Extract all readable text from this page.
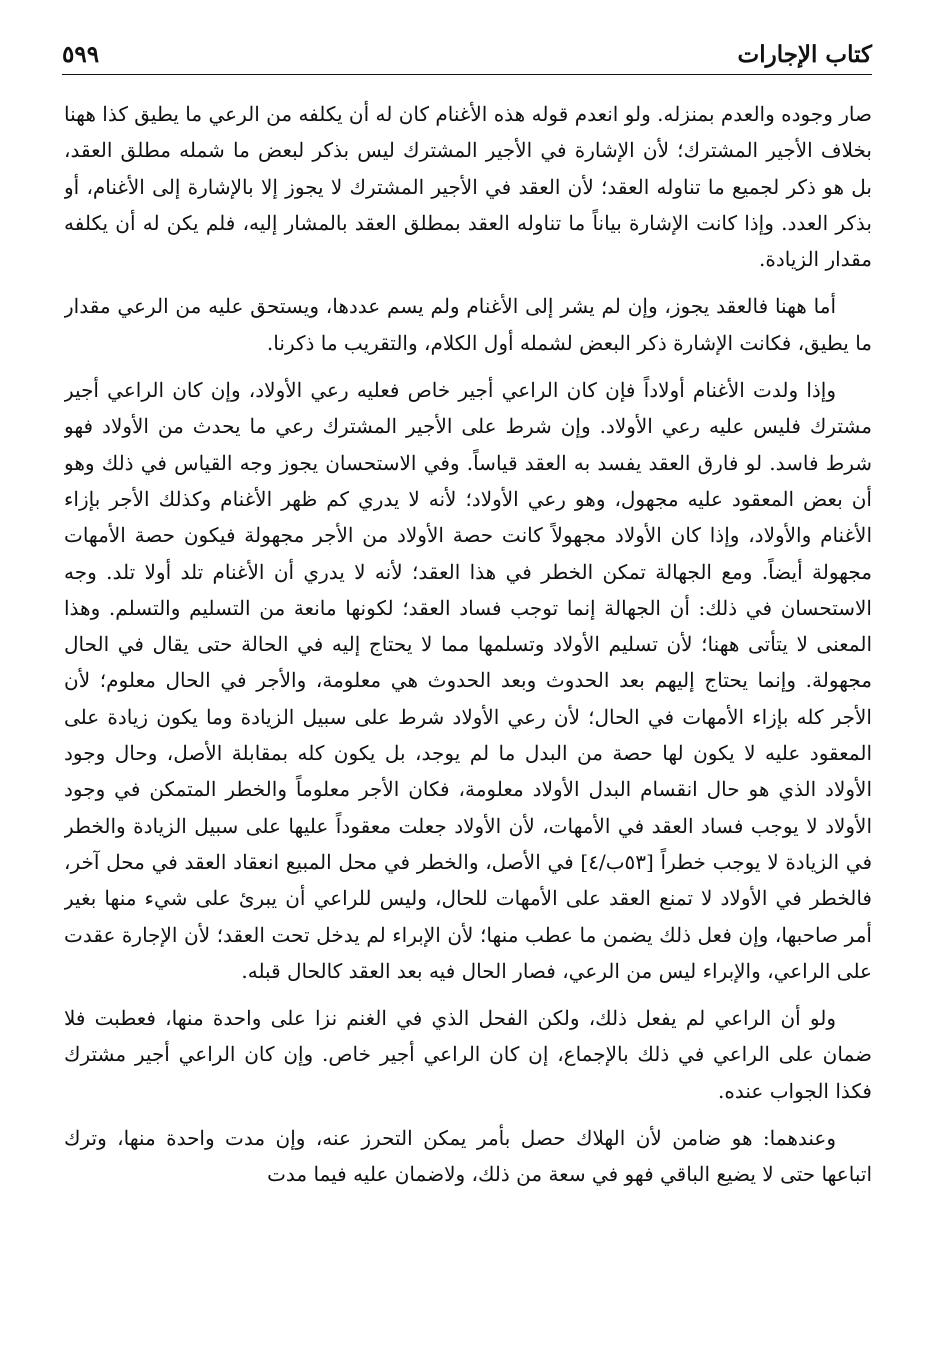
كتاب الإجارات
٥٩٩

صار وجوده والعدم بمنزله. ولو انعدم قوله هذه الأغنام كان له أن يكلفه من الرعي ما يطيق كذا ههنا بخلاف الأجير المشترك؛ لأن الإشارة في الأجير المشترك ليس بذكر لبعض ما شمله مطلق العقد، بل هو ذكر لجميع ما تناوله العقد؛ لأن العقد في الأجير المشترك لا يجوز إلا بالإشارة إلى الأغنام، أو بذكر العدد. وإذا كانت الإشارة بياناً ما تناوله العقد بمطلق العقد بالمشار إليه، فلم يكن له أن يكلفه مقدار الزيادة.

أما ههنا فالعقد يجوز، وإن لم يشر إلى الأغنام ولم يسم عددها، ويستحق عليه من الرعي مقدار ما يطيق، فكانت الإشارة ذكر البعض لشمله أول الكلام، والتقريب ما ذكرنا.

وإذا ولدت الأغنام أولاداً فإن كان الراعي أجير خاص فعليه رعي الأولاد، وإن كان الراعي أجير مشترك فليس عليه رعي الأولاد. وإن شرط على الأجير المشترك رعي ما يحدث من الأولاد فهو شرط فاسد. لو فارق العقد يفسد به العقد قياساً. وفي الاستحسان يجوز وجه القياس في ذلك وهو أن بعض المعقود عليه مجهول، وهو رعي الأولاد؛ لأنه لا يدري كم ظهر الأغنام وكذلك الأجر بإزاء الأغنام والأولاد، وإذا كان الأولاد مجهولاً كانت حصة الأولاد من الأجر مجهولة فيكون حصة الأمهات مجهولة أيضاً. ومع الجهالة تمكن الخطر في هذا العقد؛ لأنه لا يدري أن الأغنام تلد أولا تلد. وجه الاستحسان في ذلك: أن الجهالة إنما توجب فساد العقد؛ لكونها مانعة من التسليم والتسلم. وهذا المعنى لا يتأتى ههنا؛ لأن تسليم الأولاد وتسلمها مما لا يحتاج إليه في الحالة حتى يقال في الحال مجهولة. وإنما يحتاج إليهم بعد الحدوث وبعد الحدوث هي معلومة، والأجر في الحال معلوم؛ لأن الأجر كله بإزاء الأمهات في الحال؛ لأن رعي الأولاد شرط على سبيل الزيادة وما يكون زيادة على المعقود عليه لا يكون لها حصة من البدل ما لم يوجد، بل يكون كله بمقابلة الأصل، وحال وجود الأولاد الذي هو حال انقسام البدل الأولاد معلومة، فكان الأجر معلوماً والخطر المتمكن في وجود الأولاد لا يوجب فساد العقد في الأمهات، لأن الأولاد جعلت معقوداً عليها على سبيل الزيادة والخطر في الزيادة لا يوجب خطراً [٥٣ب/٤] في الأصل، والخطر في محل المبيع انعقاد العقد في محل آخر، فالخطر في الأولاد لا تمنع العقد على الأمهات للحال، وليس للراعي أن يبرئ على شيء منها بغير أمر صاحبها، وإن فعل ذلك يضمن ما عطب منها؛ لأن الإبراء لم يدخل تحت العقد؛ لأن الإجارة عقدت على الراعي، والإبراء ليس من الرعي، فصار الحال فيه بعد العقد كالحال قبله.

ولو أن الراعي لم يفعل ذلك، ولكن الفحل الذي في الغنم نزا على واحدة منها، فعطبت فلا ضمان على الراعي في ذلك بالإجماع، إن كان الراعي أجير خاص. وإن كان الراعي أجير مشترك فكذا الجواب عنده.

وعندهما: هو ضامن لأن الهلاك حصل بأمر يمكن التحرز عنه، وإن مدت واحدة منها، وترك اتباعها حتى لا يضيع الباقي فهو في سعة من ذلك، ولاضمان عليه فيما مدت
